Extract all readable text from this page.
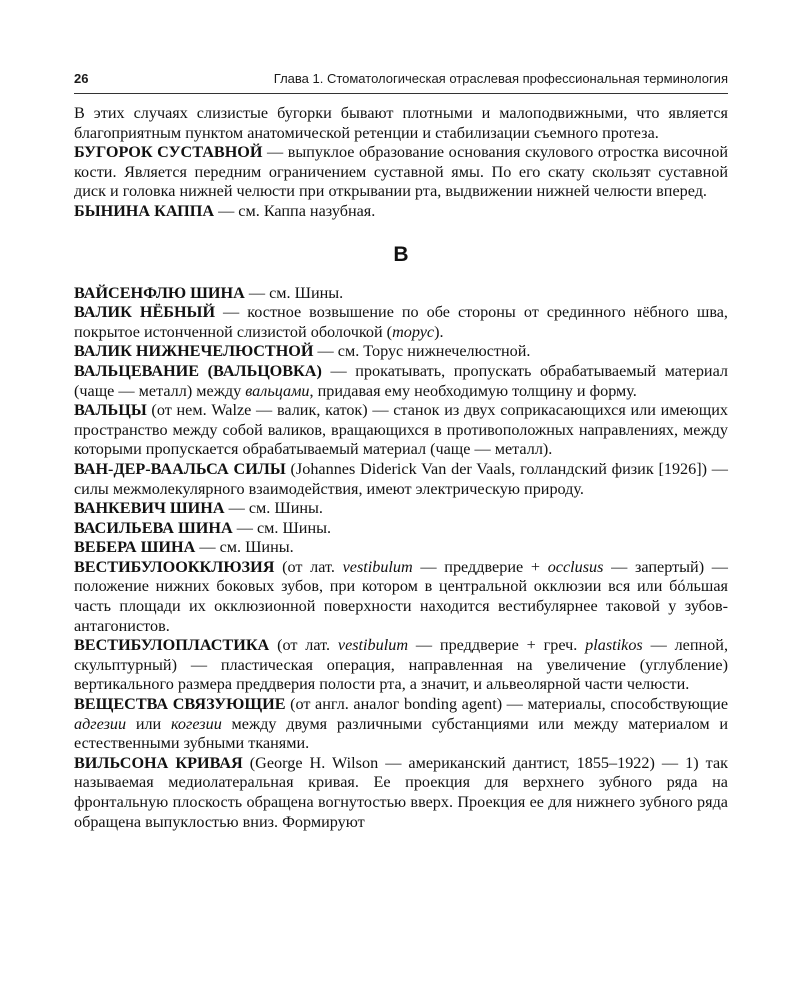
26	Глава 1. Стоматологическая отраслевая профессиональная терминология

В этих случаях слизистые бугорки бывают плотными и малоподвижными, что является благоприятным пунктом анатомической ретенции и стабилизации съемного протеза.

БУГОРОК СУСТАВНОЙ — выпуклое образование основания скулового отростка височной кости. Является передним ограничением суставной ямы. По его скату скользят суставной диск и головка нижней челюсти при открывании рта, выдвижении нижней челюсти вперед.

БЫНИНА КАППА — см. Каппа назубная.

В

ВАЙСЕНФЛЮ ШИНА — см. Шины.

ВАЛИК НЁБНЫЙ — костное возвышение по обе стороны от срединного нёбного шва, покрытое истонченной слизистой оболочкой (торус).

ВАЛИК НИЖНЕЧЕЛЮСТНОЙ — см. Торус нижнечелюстной.

ВАЛЬЦЕВАНИЕ (ВАЛЬЦОВКА) — прокатывать, пропускать обрабатываемый материал (чаще — металл) между вальцами, придавая ему необходимую толщину и форму.

ВАЛЬЦЫ (от нем. Walze — валик, каток) — станок из двух соприкасающихся или имеющих пространство между собой валиков, вращающихся в противоположных направлениях, между которыми пропускается обрабатываемый материал (чаще — металл).

ВАН-ДЕР-ВААЛЬСА СИЛЫ (Johannes Diderick Van der Vaals, голландский физик [1926]) — силы межмолекулярного взаимодействия, имеют электрическую природу.

ВАНКЕВИЧ ШИНА — см. Шины.

ВАСИЛЬЕВА ШИНА — см. Шины.

ВЕБЕРА ШИНА — см. Шины.

ВЕСТИБУЛООККЛЮЗИЯ (от лат. vestibulum — преддверие + occlusus — запертый) — положение нижних боковых зубов, при котором в центральной окклюзии вся или бóльшая часть площади их окклюзионной поверхности находится вестибулярнее таковой у зубов-антагонистов.

ВЕСТИБУЛОПЛАСТИКА (от лат. vestibulum — преддверие + греч. plastikos — лепной, скульптурный) — пластическая операция, направленная на увеличение (углубление) вертикального размера преддверия полости рта, а значит, и альвеолярной части челюсти.

ВЕЩЕСТВА СВЯЗУЮЩИЕ (от англ. аналог bonding agent) — материалы, способствующие адгезии или когезии между двумя различными субстанциями или между материалом и естественными зубными тканями.

ВИЛЬСОНА КРИВАЯ (George H. Wilson — американский дантист, 1855–1922) — 1) так называемая медиолатеральная кривая. Ее проекция для верхнего зубного ряда на фронтальную плоскость обращена вогнутостью вверх. Проекция ее для нижнего зубного ряда обращена выпуклостью вниз. Формируют
